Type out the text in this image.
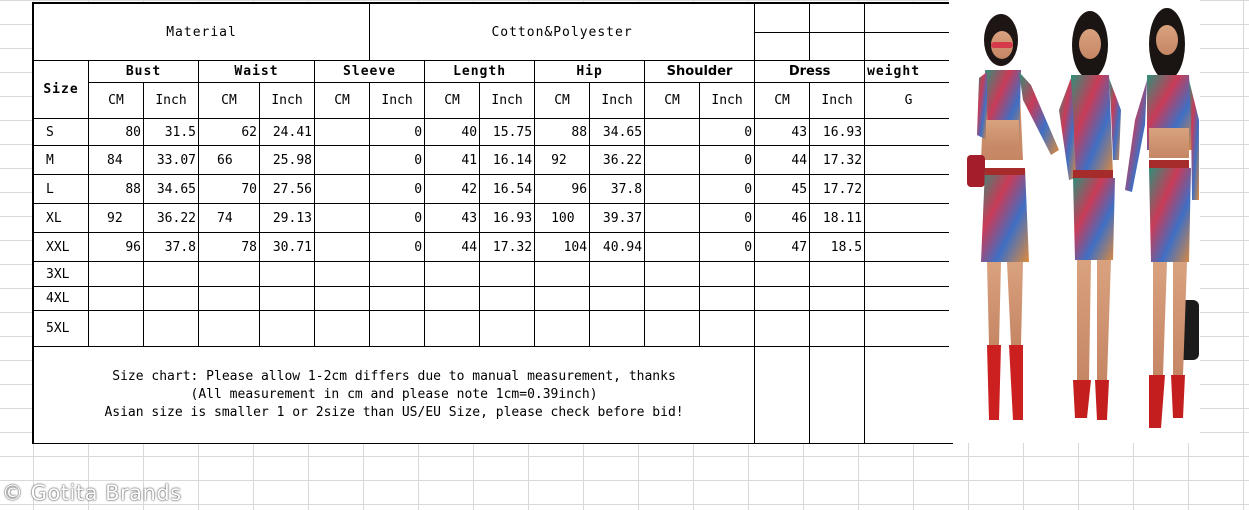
Material						Cotton&Polyester									

Size	Bust		Waist		Sleeve		Length		Hip		Shoulder		Dress		weight
	CM	Inch	CM	Inch	CM	Inch	CM	Inch	CM	Inch	CM	Inch	CM	Inch	G
S	80	31.5	62	24.41		0	40	15.75	88	34.65		0	43	16.93	
M	84	33.07	66	25.98		0	41	16.14	92	36.22		0	44	17.32	
L	88	34.65	70	27.56		0	42	16.54	96	37.8		0	45	17.72	
XL	92	36.22	74	29.13		0	43	16.93	100	39.37		0	46	18.11	
XXL	96	37.8	78	30.71		0	44	17.32	104	40.94		0	47	18.5	
3XL															
4XL															
5XL															

Size chart: Please allow 1-2cm differs due to manual measurement, thanks
(All measurement in cm and please note 1cm=0.39inch)
Asian size is smaller 1 or 2size than US/EU Size, please check before bid!															

© Gotita Brands
